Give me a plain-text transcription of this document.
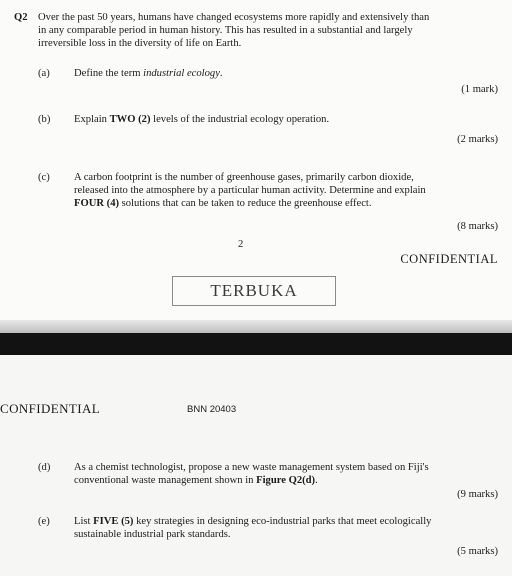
Q2 Over the past 50 years, humans have changed ecosystems more rapidly and extensively than
in any comparable period in human history. This has resulted in a substantial and largely
irreversible loss in the diversity of life on Earth.
(a) Define the term industrial ecology.
(1 mark)
(b) Explain TWO (2) levels of the industrial ecology operation.
(2 marks)
(c) A carbon footprint is the number of greenhouse gases, primarily carbon dioxide,
released into the atmosphere by a particular human activity. Determine and explain
FOUR (4) solutions that can be taken to reduce the greenhouse effect.
(8 marks)
2
CONFIDENTIAL
TERBUKA
CONFIDENTIAL	BNN 20403
(d) As a chemist technologist, propose a new waste management system based on Fiji's
conventional waste management shown in Figure Q2(d).
(9 marks)
(e) List FIVE (5) key strategies in designing eco-industrial parks that meet ecologically
sustainable industrial park standards.
(5 marks)
